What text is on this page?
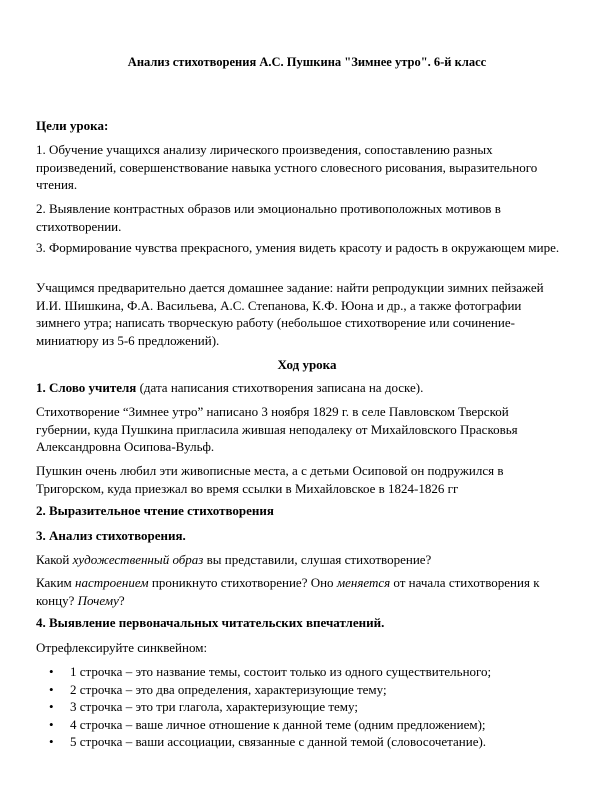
Анализ стихотворения А.С. Пушкина "Зимнее утро". 6-й класс
Цели урока:
1. Обучение учащихся анализу лирического произведения, сопоставлению разных произведений, совершенствование навыка устного словесного рисования, выразительного чтения.
2. Выявление контрастных образов или эмоционально противоположных мотивов в стихотворении.
3. Формирование чувства прекрасного, умения видеть красоту и радость в окружающем мире.
Учащимся предварительно дается домашнее задание: найти репродукции зимних пейзажей И.И. Шишкина, Ф.А. Васильева, А.С. Степанова, К.Ф. Юона и др., а также фотографии зимнего утра; написать творческую работу (небольшое стихотворение или сочинение-миниатюру из 5-6 предложений).
Ход урока
1. Слово учителя (дата написания стихотворения записана на доске).
Стихотворение “Зимнее утро” написано 3 ноября 1829 г. в селе Павловском Тверской губернии, куда Пушкина пригласила жившая неподалеку от Михайловского Прасковья Александровна Осипова-Вульф.
Пушкин очень любил эти живописные места, а с детьми Осиповой он подружился в Тригорском, куда приезжал во время ссылки в Михайловское в 1824-1826 гг
2. Выразительное чтение стихотворения
3. Анализ стихотворения.
Какой художественный образ вы представили, слушая стихотворение?
Каким настроением проникнуто стихотворение? Оно меняется от начала стихотворения к концу? Почему?
4. Выявление первоначальных читательских впечатлений.
Отрефлексируйте синквейном:
• 1 строчка – это название темы, состоит только из одного существительного;
• 2 строчка – это два определения, характеризующие тему;
• 3 строчка – это три глагола, характеризующие тему;
• 4 строчка – ваше личное отношение к данной теме (одним предложением);
• 5 строчка – ваши ассоциации, связанные с данной темой (словосочетание).
